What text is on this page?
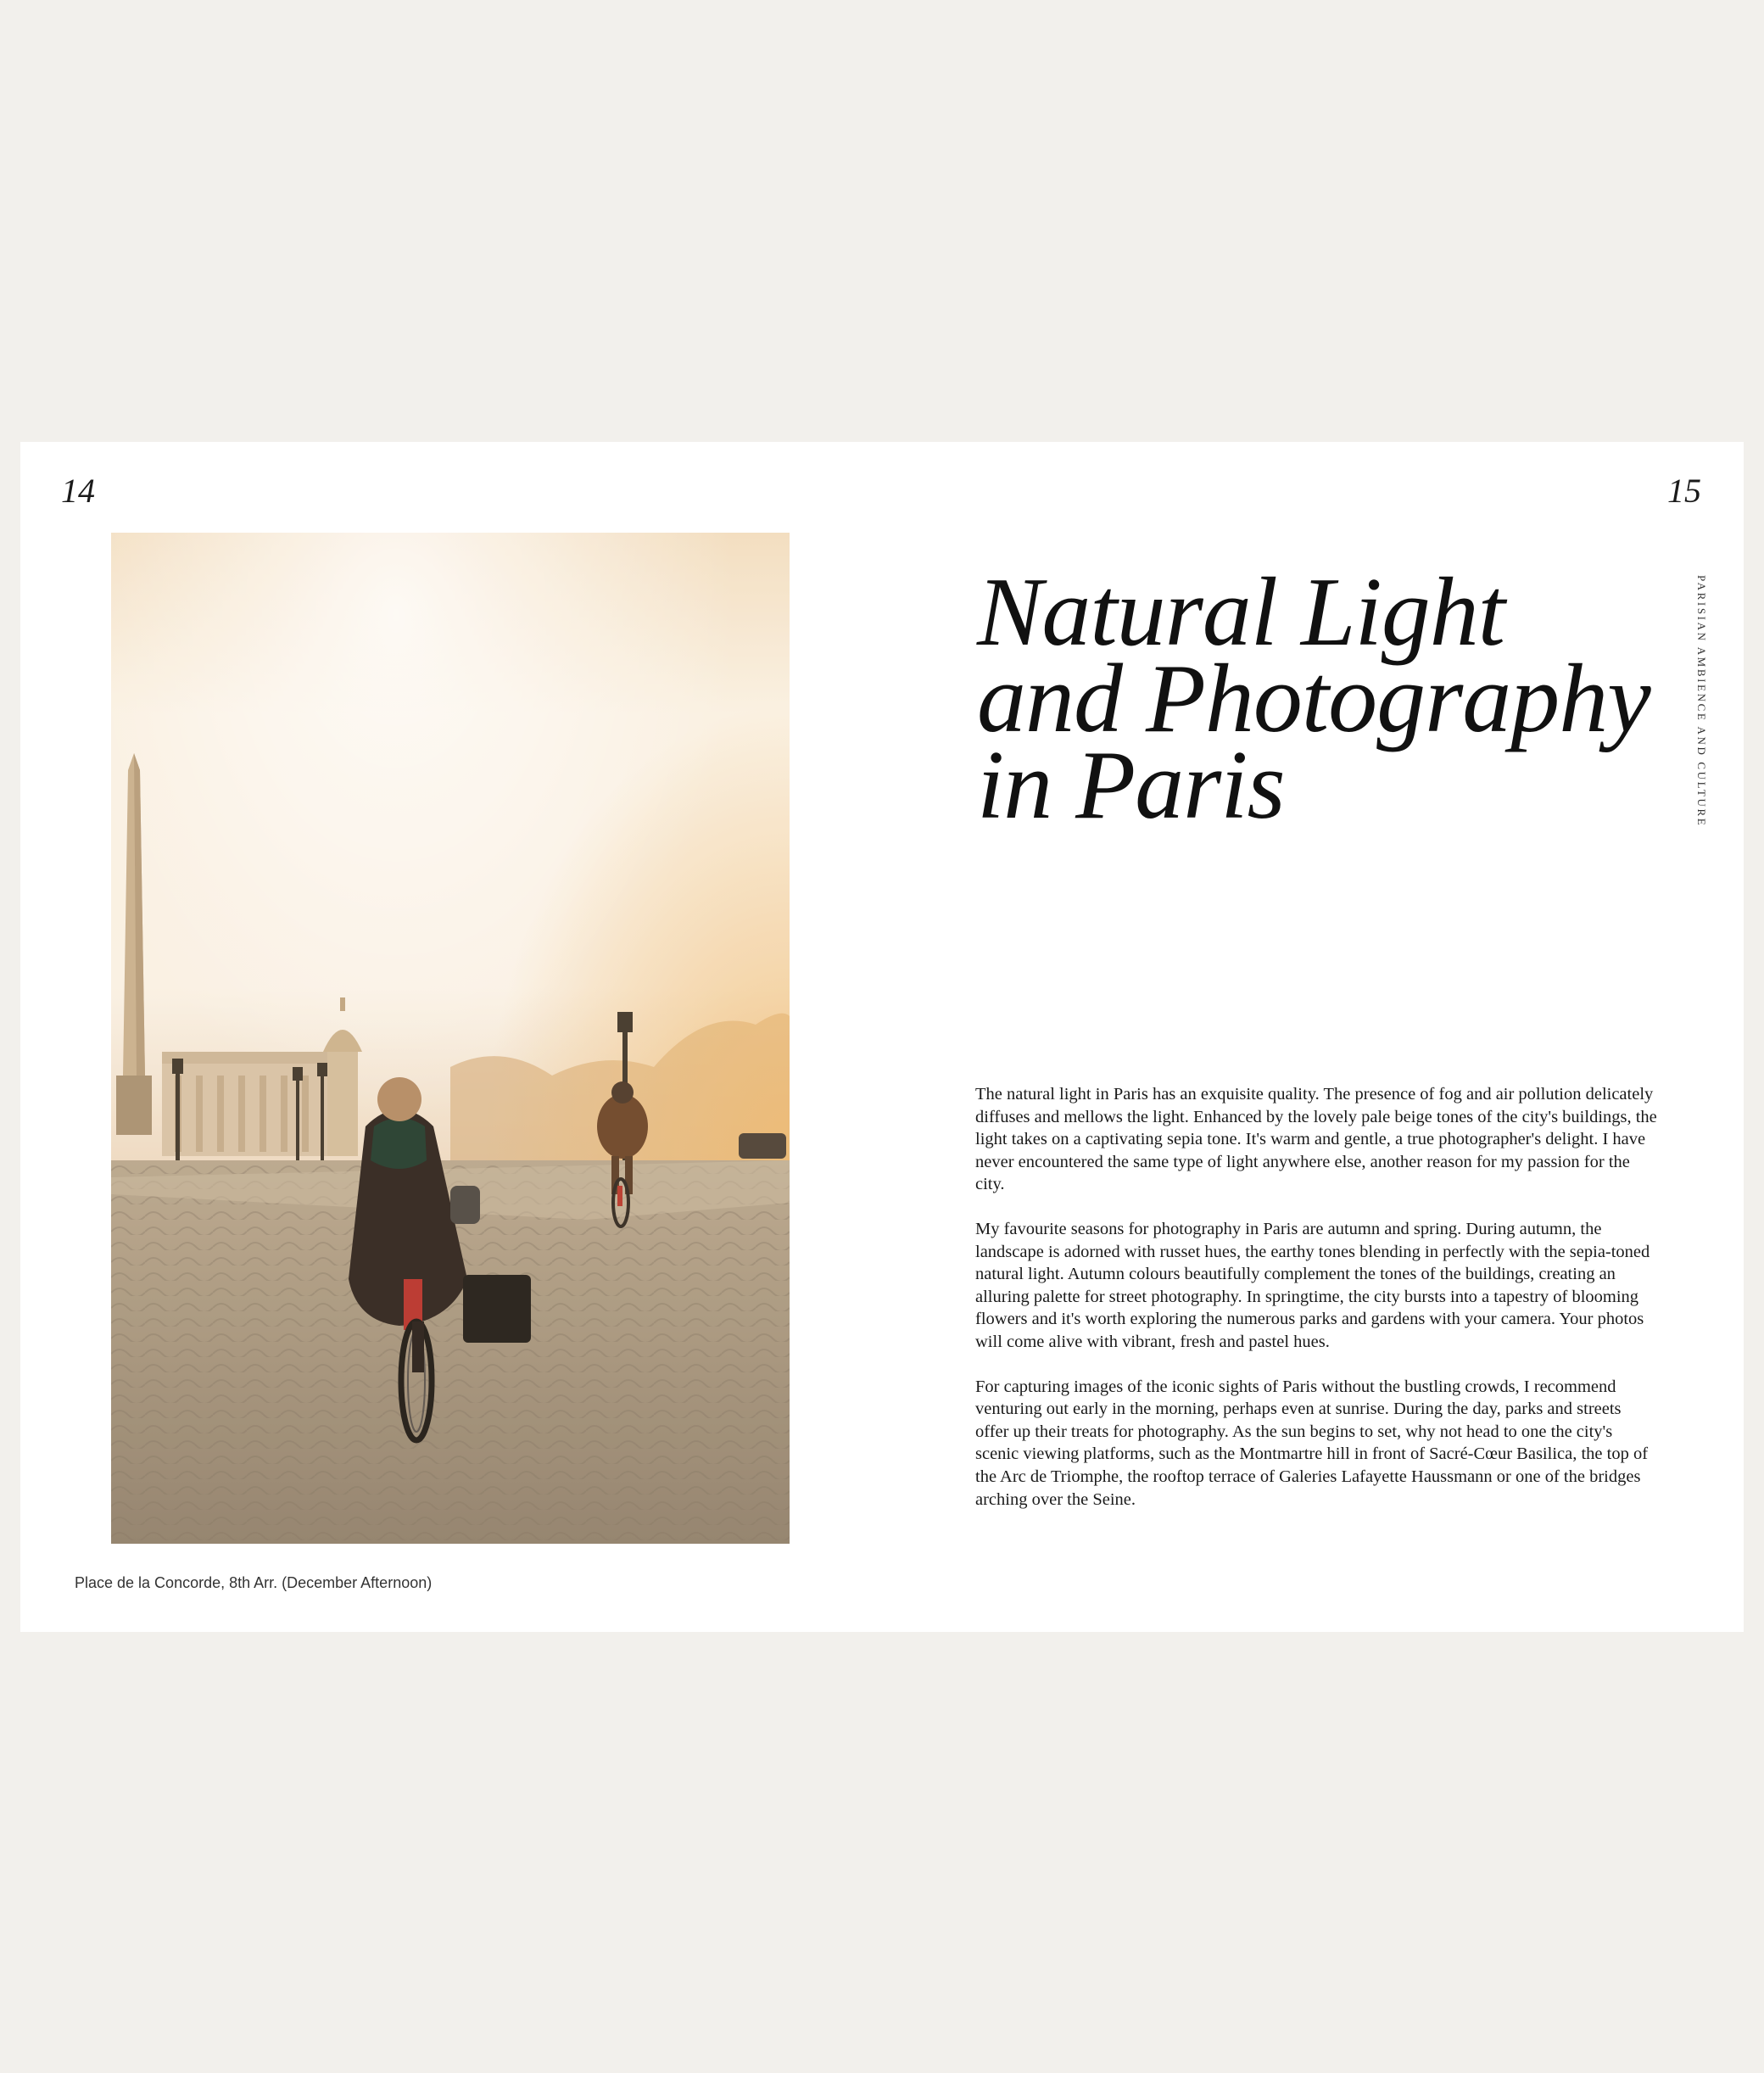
14	15
Place de la Concorde, 8th Arr. (December Afternoon)
Natural Light
and Photography
in Paris	PARISIAN AMBIENCE AND CULTURE

The natural light in Paris has an exquisite quality. The presence of fog and air pollution delicately diffuses and mellows the light. Enhanced by the lovely pale beige tones of the city's buildings, the light takes on a captivating sepia tone. It's warm and gentle, a true photographer's delight. I have never encountered the same type of light anywhere else, another reason for my passion for the city.

My favourite seasons for photography in Paris are autumn and spring. During autumn, the landscape is adorned with russet hues, the earthy tones blending in perfectly with the sepia-toned natural light. Autumn colours beautifully complement the tones of the buildings, creating an alluring palette for street photography. In springtime, the city bursts into a tapestry of blooming flowers and it's worth exploring the numerous parks and gardens with your camera. Your photos will come alive with vibrant, fresh and pastel hues.

For capturing images of the iconic sights of Paris without the bustling crowds, I recommend venturing out early in the morning, perhaps even at sunrise. During the day, parks and streets offer up their treats for photography. As the sun begins to set, why not head to one the city's scenic viewing platforms, such as the Montmartre hill in front of Sacré-Cœur Basilica, the top of the Arc de Triomphe, the rooftop terrace of Galeries Lafayette Haussmann or one of the bridges arching over the Seine.
